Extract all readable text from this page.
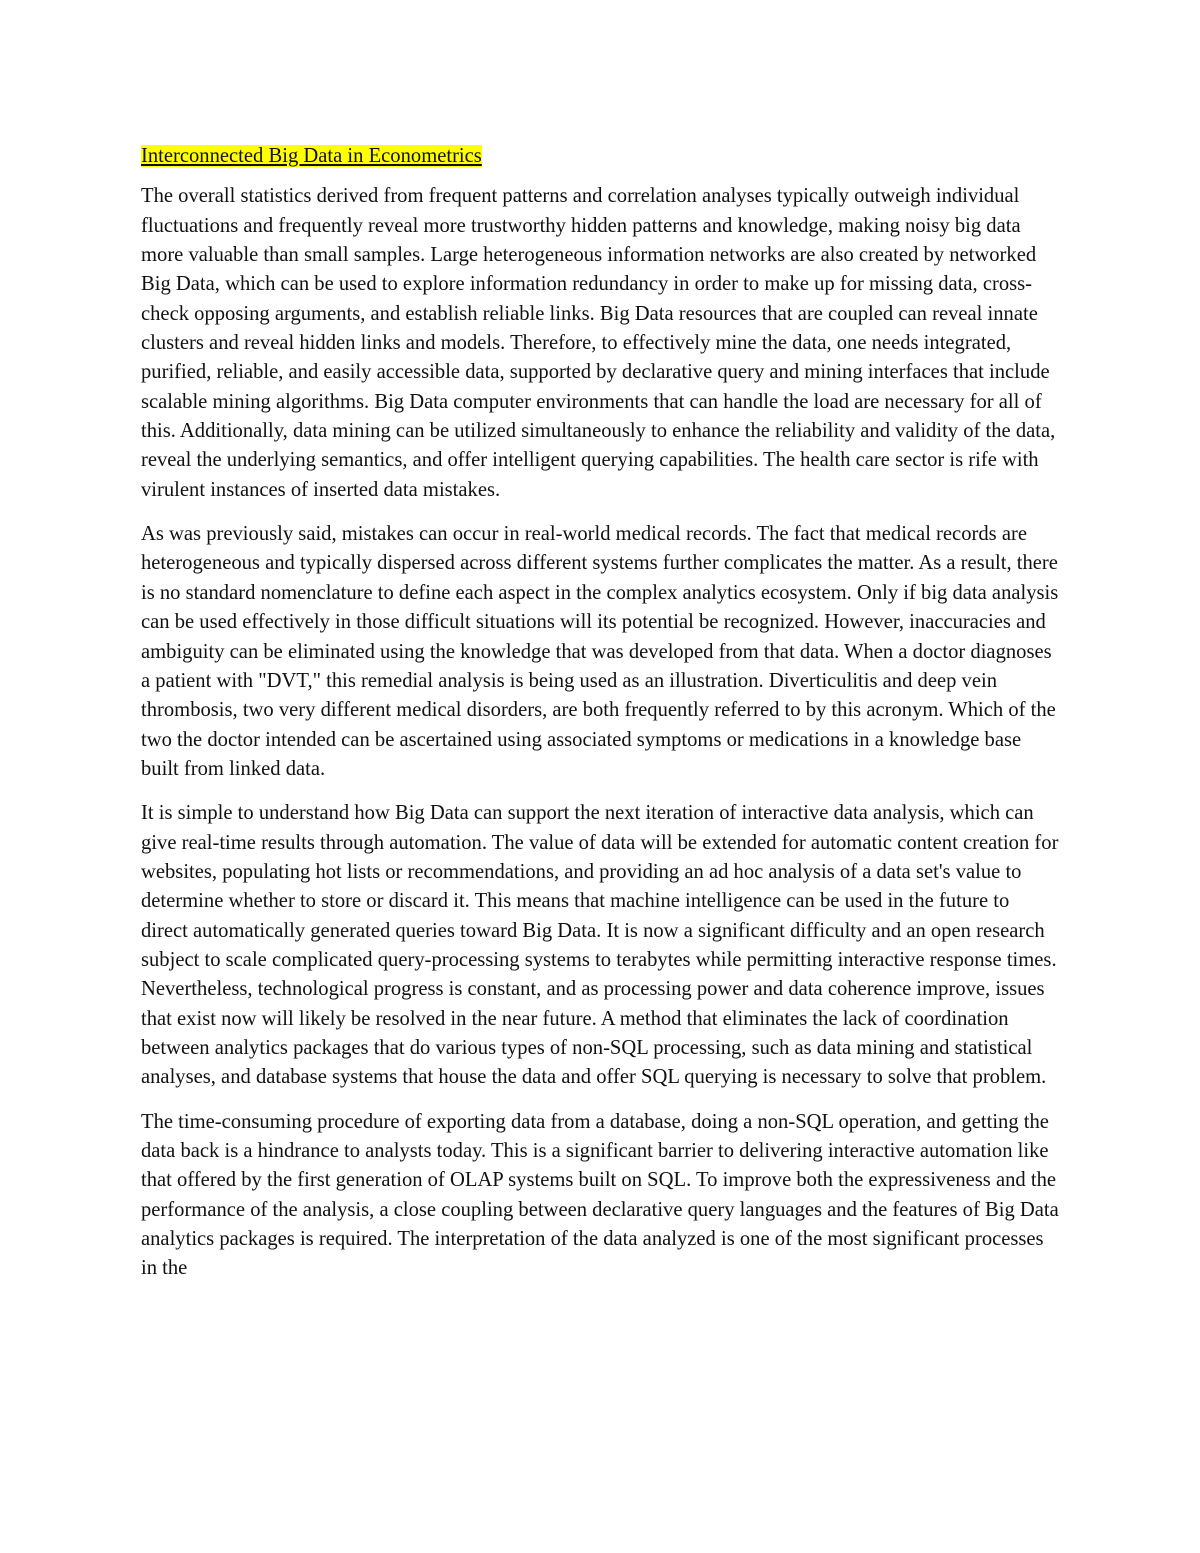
Interconnected Big Data in Econometrics

The overall statistics derived from frequent patterns and correlation analyses typically outweigh individual fluctuations and frequently reveal more trustworthy hidden patterns and knowledge, making noisy big data more valuable than small samples. Large heterogeneous information networks are also created by networked Big Data, which can be used to explore information redundancy in order to make up for missing data, cross-check opposing arguments, and establish reliable links. Big Data resources that are coupled can reveal innate clusters and reveal hidden links and models. Therefore, to effectively mine the data, one needs integrated, purified, reliable, and easily accessible data, supported by declarative query and mining interfaces that include scalable mining algorithms. Big Data computer environments that can handle the load are necessary for all of this. Additionally, data mining can be utilized simultaneously to enhance the reliability and validity of the data, reveal the underlying semantics, and offer intelligent querying capabilities. The health care sector is rife with virulent instances of inserted data mistakes.

As was previously said, mistakes can occur in real-world medical records. The fact that medical records are heterogeneous and typically dispersed across different systems further complicates the matter. As a result, there is no standard nomenclature to define each aspect in the complex analytics ecosystem. Only if big data analysis can be used effectively in those difficult situations will its potential be recognized. However, inaccuracies and ambiguity can be eliminated using the knowledge that was developed from that data. When a doctor diagnoses a patient with "DVT," this remedial analysis is being used as an illustration. Diverticulitis and deep vein thrombosis, two very different medical disorders, are both frequently referred to by this acronym. Which of the two the doctor intended can be ascertained using associated symptoms or medications in a knowledge base built from linked data.

It is simple to understand how Big Data can support the next iteration of interactive data analysis, which can give real-time results through automation. The value of data will be extended for automatic content creation for websites, populating hot lists or recommendations, and providing an ad hoc analysis of a data set's value to determine whether to store or discard it. This means that machine intelligence can be used in the future to direct automatically generated queries toward Big Data. It is now a significant difficulty and an open research subject to scale complicated query-processing systems to terabytes while permitting interactive response times. Nevertheless, technological progress is constant, and as processing power and data coherence improve, issues that exist now will likely be resolved in the near future. A method that eliminates the lack of coordination between analytics packages that do various types of non-SQL processing, such as data mining and statistical analyses, and database systems that house the data and offer SQL querying is necessary to solve that problem.

The time-consuming procedure of exporting data from a database, doing a non-SQL operation, and getting the data back is a hindrance to analysts today. This is a significant barrier to delivering interactive automation like that offered by the first generation of OLAP systems built on SQL. To improve both the expressiveness and the performance of the analysis, a close coupling between declarative query languages and the features of Big Data analytics packages is required. The interpretation of the data analyzed is one of the most significant processes in the
